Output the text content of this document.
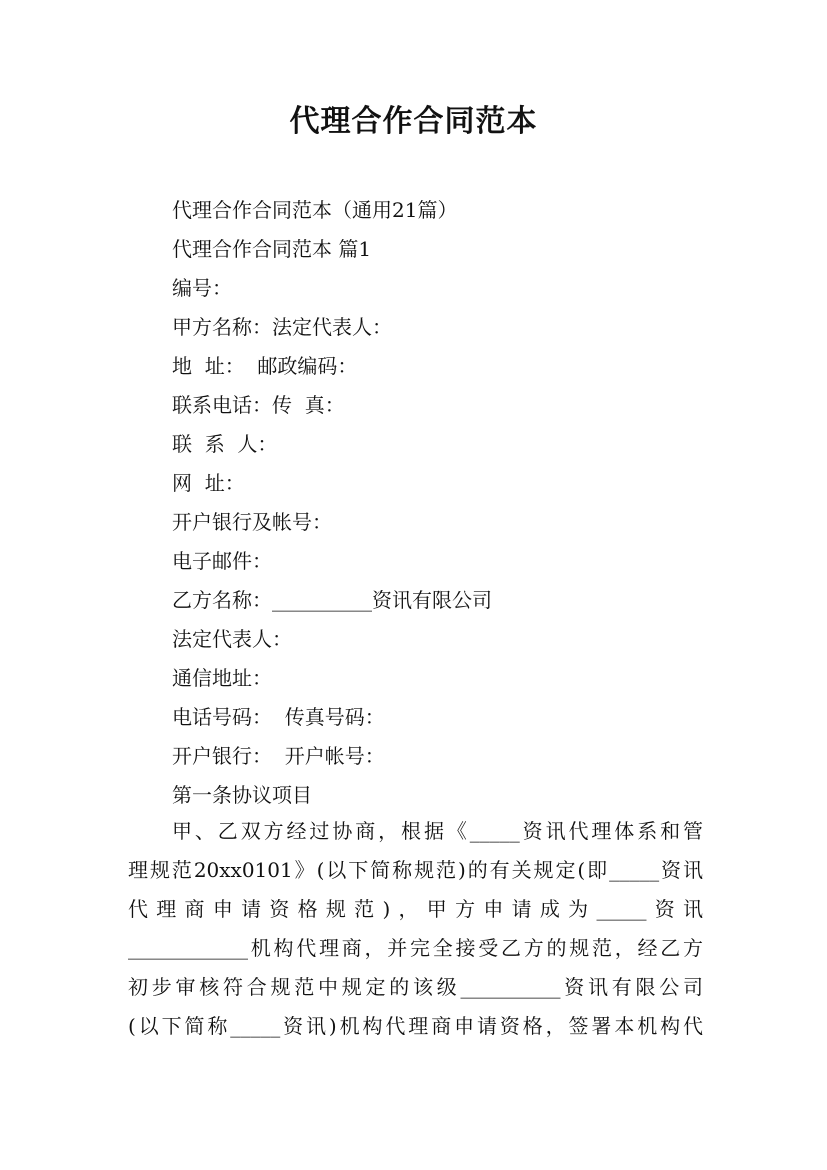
代理合作合同范本

代理合作合同范本（通用21篇）

代理合作合同范本 篇1

编号：

甲方名称：法定代表人：

地  址：  邮政编码：

联系电话：传  真：

联  系  人：

网  址：

开户银行及帐号：

电子邮件：

乙方名称：__________资讯有限公司

法定代表人：

通信地址：

电话号码：  传真号码：

开户银行：  开户帐号：

第一条协议项目

甲、乙双方经过协商，根据《_____资讯代理体系和管

理规范20xx0101》(以下简称规范)的有关规定(即_____资讯

代理商申请资格规范)，甲方申请成为_____资讯

____________机构代理商，并完全接受乙方的规范，经乙方

初步审核符合规范中规定的该级__________资讯有限公司

(以下简称_____资讯)机构代理商申请资格，签署本机构代
